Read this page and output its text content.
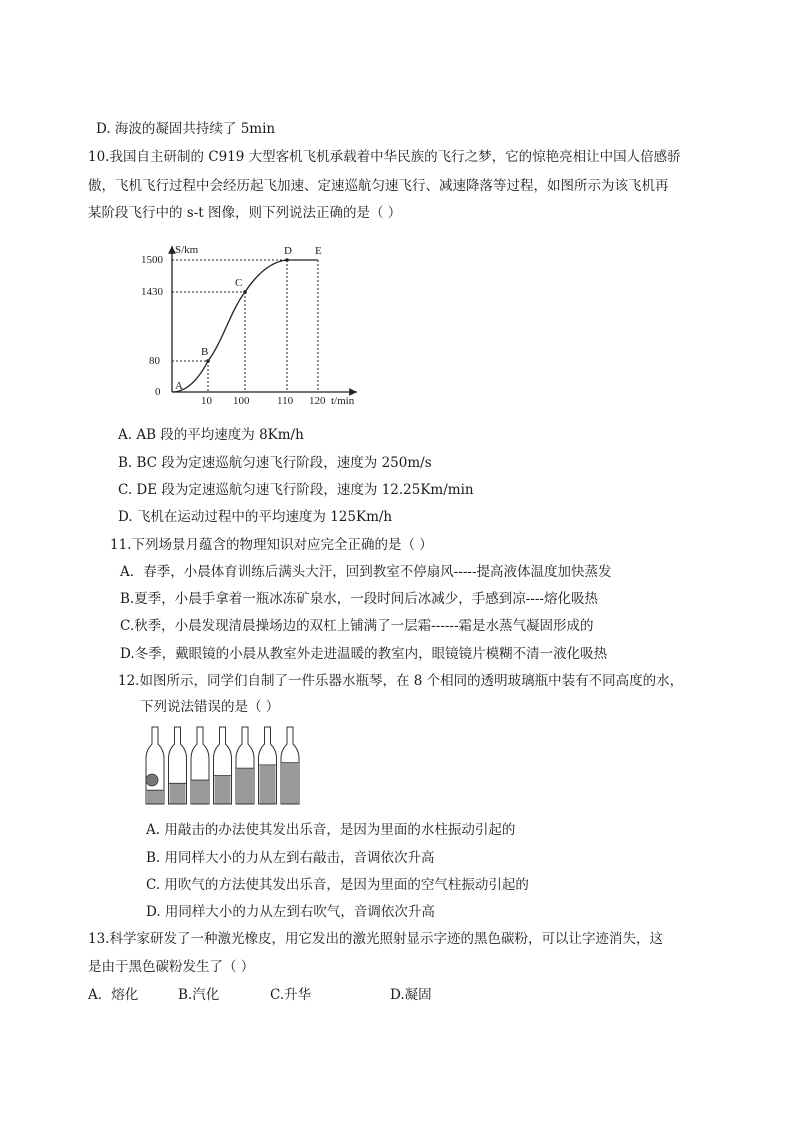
D. 海波的凝固共持续了 5min
10.我国自主研制的 C919 大型客机飞机承载着中华民族的飞行之梦，它的惊艳亮相让中国人倍感骄
傲，飞机飞行过程中会经历起飞加速、定速巡航匀速飞行、减速降落等过程，如图所示为该飞机再
某阶段飞行中的 s-t 图像，则下列说法正确的是（ ）
S/km
t/min
1500
1430
80
0
10 100	110 120
A
B
C
D E
A. AB 段的平均速度为 8Km/h
B. BC 段为定速巡航匀速飞行阶段，速度为 250m/s
C. DE 段为定速巡航匀速飞行阶段，速度为 12.25Km/min
D. 飞机在运动过程中的平均速度为 125Km/h
11.下列场景月蕴含的物理知识对应完全正确的是（ ）
A．春季，小晨体育训练后满头大汗，回到教室不停扇风-----提高液体温度加快蒸发
B.夏季，小晨手拿着一瓶冰冻矿泉水，一段时间后冰减少，手感到凉----熔化吸热
C.秋季，小晨发现清晨操场边的双杠上铺满了一层霜------霜是水蒸气凝固形成的
D.冬季，戴眼镜的小晨从教室外走进温暖的教室内，眼镜镜片模糊不清一液化吸热
12.如图所示，同学们自制了一件乐器水瓶琴，在 8 个相同的透明玻璃瓶中装有不同高度的水，
下列说法错误的是（ ）
A. 用敲击的办法使其发出乐音，是因为里面的水柱振动引起的
B. 用同样大小的力从左到右敲击，音调依次升高
C. 用吹气的方法使其发出乐音，是因为里面的空气柱振动引起的
D. 用同样大小的力从左到右吹气，音调依次升高
13.科学家研发了一种激光橡皮，用它发出的激光照射显示字迹的黑色碳粉，可以让字迹消失，这
是由于黑色碳粉发生了（ ）
A．熔化	B.汽化	C.升华	D.凝固
